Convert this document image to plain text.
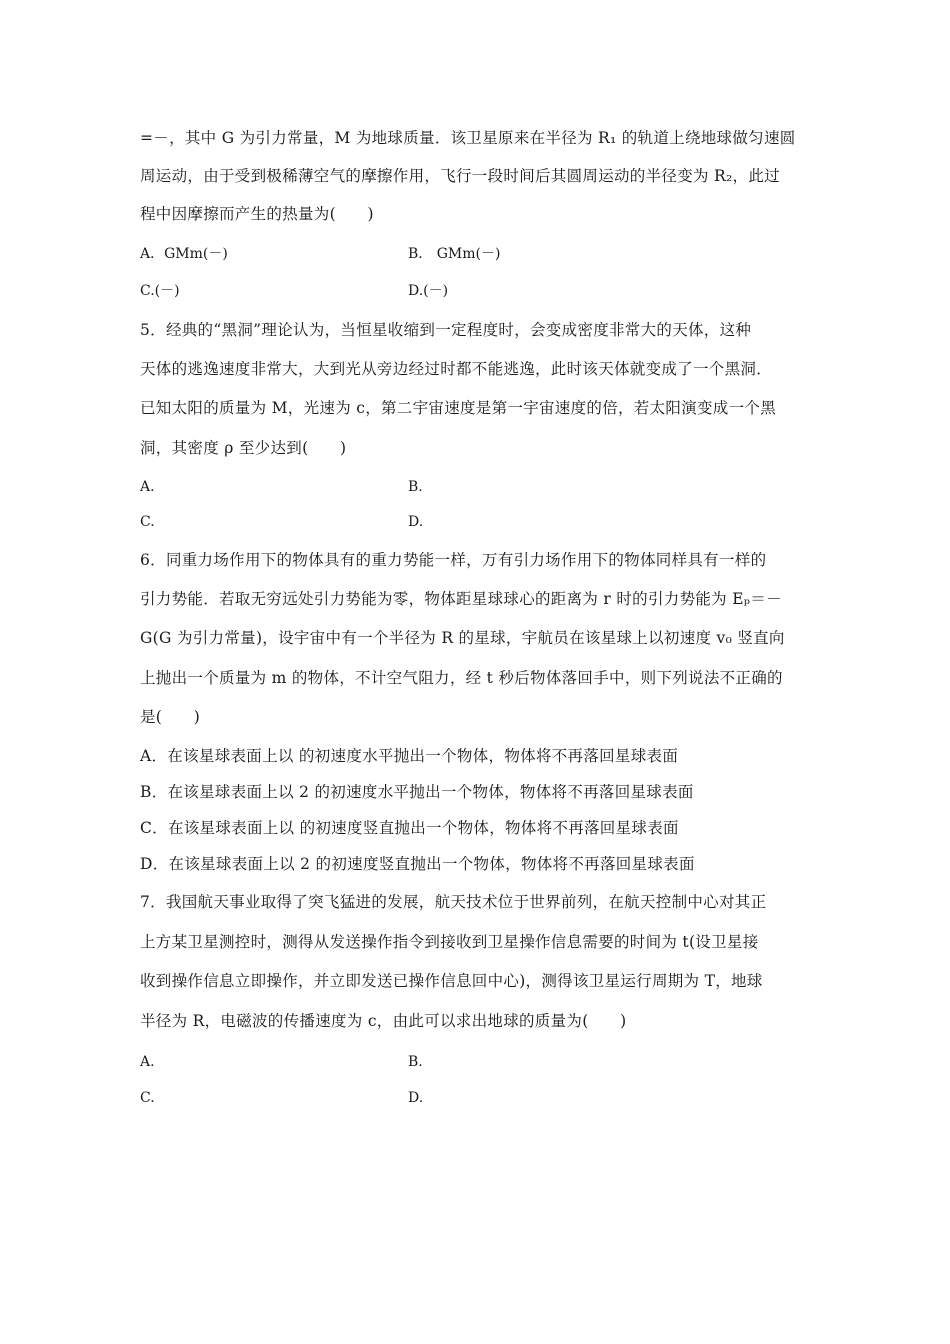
=－，其中 G 为引力常量，M 为地球质量．该卫星原来在半径为 R₁ 的轨道上绕地球做匀速圆
周运动，由于受到极稀薄空气的摩擦作用，飞行一段时间后其圆周运动的半径变为 R₂，此过
程中因摩擦而产生的热量为(　　)
A．GMm(－)	B． GMm(－)
C.(－)	D.(－)
5．经典的“黑洞”理论认为，当恒星收缩到一定程度时，会变成密度非常大的天体，这种
天体的逃逸速度非常大，大到光从旁边经过时都不能逃逸，此时该天体就变成了一个黑洞．
已知太阳的质量为 M，光速为 c，第二宇宙速度是第一宇宙速度的倍，若太阳演变成一个黑
洞，其密度 ρ 至少达到(　　)
A.	B.
C.	D.
6．同重力场作用下的物体具有的重力势能一样，万有引力场作用下的物体同样具有一样的
引力势能．若取无穷远处引力势能为零，物体距星球球心的距离为 r 时的引力势能为 Eₚ＝－
G(G 为引力常量)，设宇宙中有一个半径为 R 的星球，宇航员在该星球上以初速度 v₀ 竖直向
上抛出一个质量为 m 的物体，不计空气阻力，经 t 秒后物体落回手中，则下列说法不正确的
是(　　)
A．在该星球表面上以 的初速度水平抛出一个物体，物体将不再落回星球表面
B．在该星球表面上以 2 的初速度水平抛出一个物体，物体将不再落回星球表面
C．在该星球表面上以 的初速度竖直抛出一个物体，物体将不再落回星球表面
D．在该星球表面上以 2 的初速度竖直抛出一个物体，物体将不再落回星球表面
7．我国航天事业取得了突飞猛进的发展，航天技术位于世界前列，在航天控制中心对其正
上方某卫星测控时，测得从发送操作指令到接收到卫星操作信息需要的时间为 t(设卫星接
收到操作信息立即操作，并立即发送已操作信息回中心)，测得该卫星运行周期为 T，地球
半径为 R，电磁波的传播速度为 c，由此可以求出地球的质量为(　　)
A.	B.
C.	D.
